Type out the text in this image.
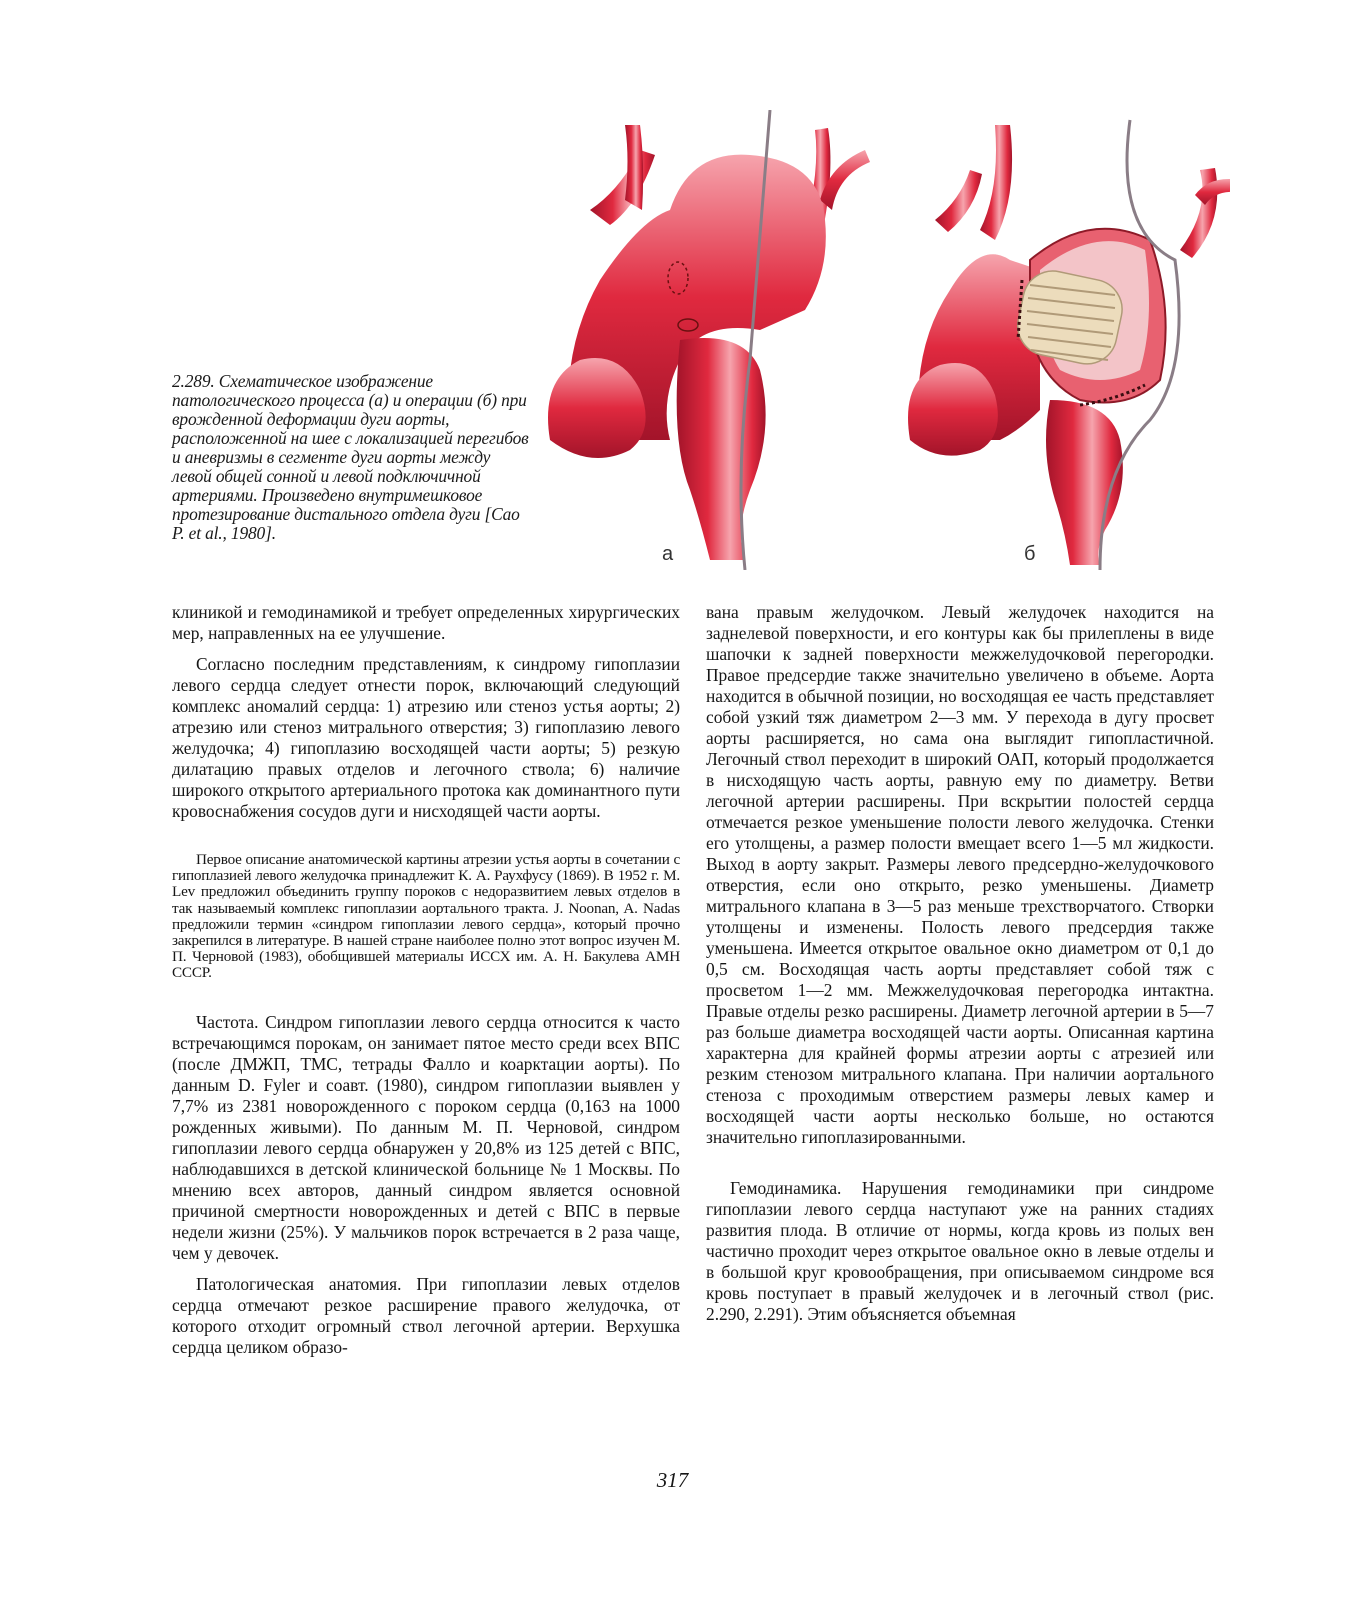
а	б

2.289. Схематическое изображение патологического процесса (а) и операции (б) при врожденной деформации дуги аорты, расположенной на шее с локализацией перегибов и аневризмы в сегменте дуги аорты между левой общей сонной и левой подключичной артериями. Произведено внутримешковое протезирование дистального отдела дуги [Cao P. et al., 1980].

клиникой и гемодинамикой и требует определенных хирургических мер, направленных на ее улучшение.

Согласно последним представлениям, к синдрому гипоплазии левого сердца следует отнести порок, включающий следующий комплекс аномалий сердца: 1) атрезию или стеноз устья аорты; 2) атрезию или стеноз митрального отверстия; 3) гипоплазию левого желудочка; 4) гипоплазию восходящей части аорты; 5) резкую дилатацию правых отделов и легочного ствола; 6) наличие широкого открытого артериального протока как доминантного пути кровоснабжения сосудов дуги и нисходящей части аорты.

Первое описание анатомической картины атрезии устья аорты в сочетании с гипоплазией левого желудочка принадлежит К. А. Раухфусу (1869). В 1952 г. M. Lev предложил объединить группу пороков с недоразвитием левых отделов в так называемый комплекс гипоплазии аортального тракта. J. Noonan, A. Nadas предложили термин «синдром гипоплазии левого сердца», который прочно закрепился в литературе. В нашей стране наиболее полно этот вопрос изучен М. П. Черновой (1983), обобщившей материалы ИССХ им. А. Н. Бакулева АМН СССР.

Частота. Синдром гипоплазии левого сердца относится к часто встречающимся порокам, он занимает пятое место среди всех ВПС (после ДМЖП, ТМС, тетрады Фалло и коарктации аорты). По данным D. Fyler и соавт. (1980), синдром гипоплазии выявлен у 7,7% из 2381 новорожденного с пороком сердца (0,163 на 1000 рожденных живыми). По данным М. П. Черновой, синдром гипоплазии левого сердца обнаружен у 20,8% из 125 детей с ВПС, наблюдавшихся в детской клинической больнице № 1 Москвы. По мнению всех авторов, данный синдром является основной причиной смертности новорожденных и детей с ВПС в первые недели жизни (25%). У мальчиков порок встречается в 2 раза чаще, чем у девочек.

Патологическая анатомия. При гипоплазии левых отделов сердца отмечают резкое расширение правого желудочка, от которого отходит огромный ствол легочной артерии. Верхушка сердца целиком образо-

вана правым желудочком. Левый желудочек находится на заднелевой поверхности, и его контуры как бы прилеплены в виде шапочки к задней поверхности межжелудочковой перегородки. Правое предсердие также значительно увеличено в объеме. Аорта находится в обычной позиции, но восходящая ее часть представляет собой узкий тяж диаметром 2—3 мм. У перехода в дугу просвет аорты расширяется, но сама она выглядит гипопластичной. Легочный ствол переходит в широкий ОАП, который продолжается в нисходящую часть аорты, равную ему по диаметру. Ветви легочной артерии расширены. При вскрытии полостей сердца отмечается резкое уменьшение полости левого желудочка. Стенки его утолщены, а размер полости вмещает всего 1—5 мл жидкости. Выход в аорту закрыт. Размеры левого предсердно-желудочкового отверстия, если оно открыто, резко уменьшены. Диаметр митрального клапана в 3—5 раз меньше трехстворчатого. Створки утолщены и изменены. Полость левого предсердия также уменьшена. Имеется открытое овальное окно диаметром от 0,1 до 0,5 см. Восходящая часть аорты представляет собой тяж с просветом 1—2 мм. Межжелудочковая перегородка интактна. Правые отделы резко расширены. Диаметр легочной артерии в 5—7 раз больше диаметра восходящей части аорты. Описанная картина характерна для крайней формы атрезии аорты с атрезией или резким стенозом митрального клапана. При наличии аортального стеноза с проходимым отверстием размеры левых камер и восходящей части аорты несколько больше, но остаются значительно гипоплазированными.

Гемодинамика. Нарушения гемодинамики при синдроме гипоплазии левого сердца наступают уже на ранних стадиях развития плода. В отличие от нормы, когда кровь из полых вен частично проходит через открытое овальное окно в левые отделы и в большой круг кровообращения, при описываемом синдроме вся кровь поступает в правый желудочек и в легочный ствол (рис. 2.290, 2.291). Этим объясняется объемная

317
